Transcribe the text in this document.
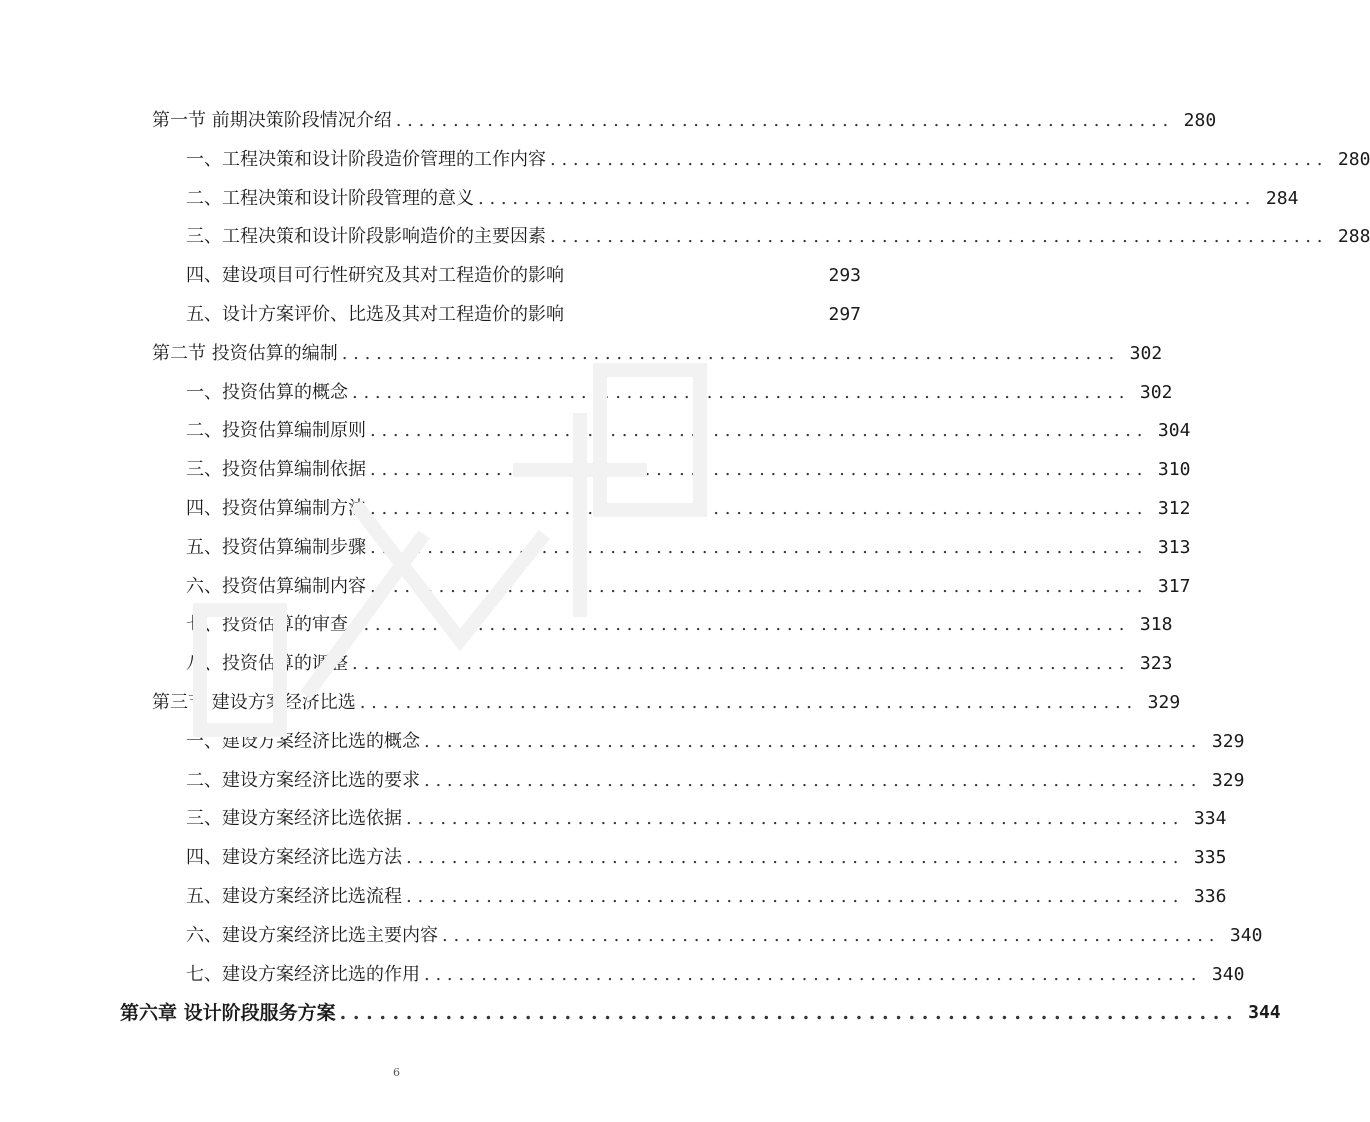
第一节 前期决策阶段情况介绍 . . .	280
一、工程决策和设计阶段造价管理的工作内容 . . .	280
二、工程决策和设计阶段管理的意义 . . .	284
三、工程决策和设计阶段影响造价的主要因素 . . .	288
四、建设项目可行性研究及其对工程造价的影响	293
五、设计方案评价、比选及其对工程造价的影响	297
第二节 投资估算的编制 . . .	302
一、投资估算的概念 . . .	302
二、投资估算编制原则 . . .	304
三、投资估算编制依据 . . .	310
四、投资估算编制方法 . . .	312
五、投资估算编制步骤 . . .	313
六、投资估算编制内容 . . .	317
七、投资估算的审查 . . .	318
八、投资估算的调整 . . .	323
第三节 建设方案经济比选 . . .	329
一、建设方案经济比选的概念 . . .	329
二、建设方案经济比选的要求 . . .	329
三、建设方案经济比选依据 . . .	334
四、建设方案经济比选方法 . . .	335
五、建设方案经济比选流程 . . .	336
六、建设方案经济比选主要内容 . . .	340
七、建设方案经济比选的作用 . . .	340
第六章 设计阶段服务方案 . . .	344
6
